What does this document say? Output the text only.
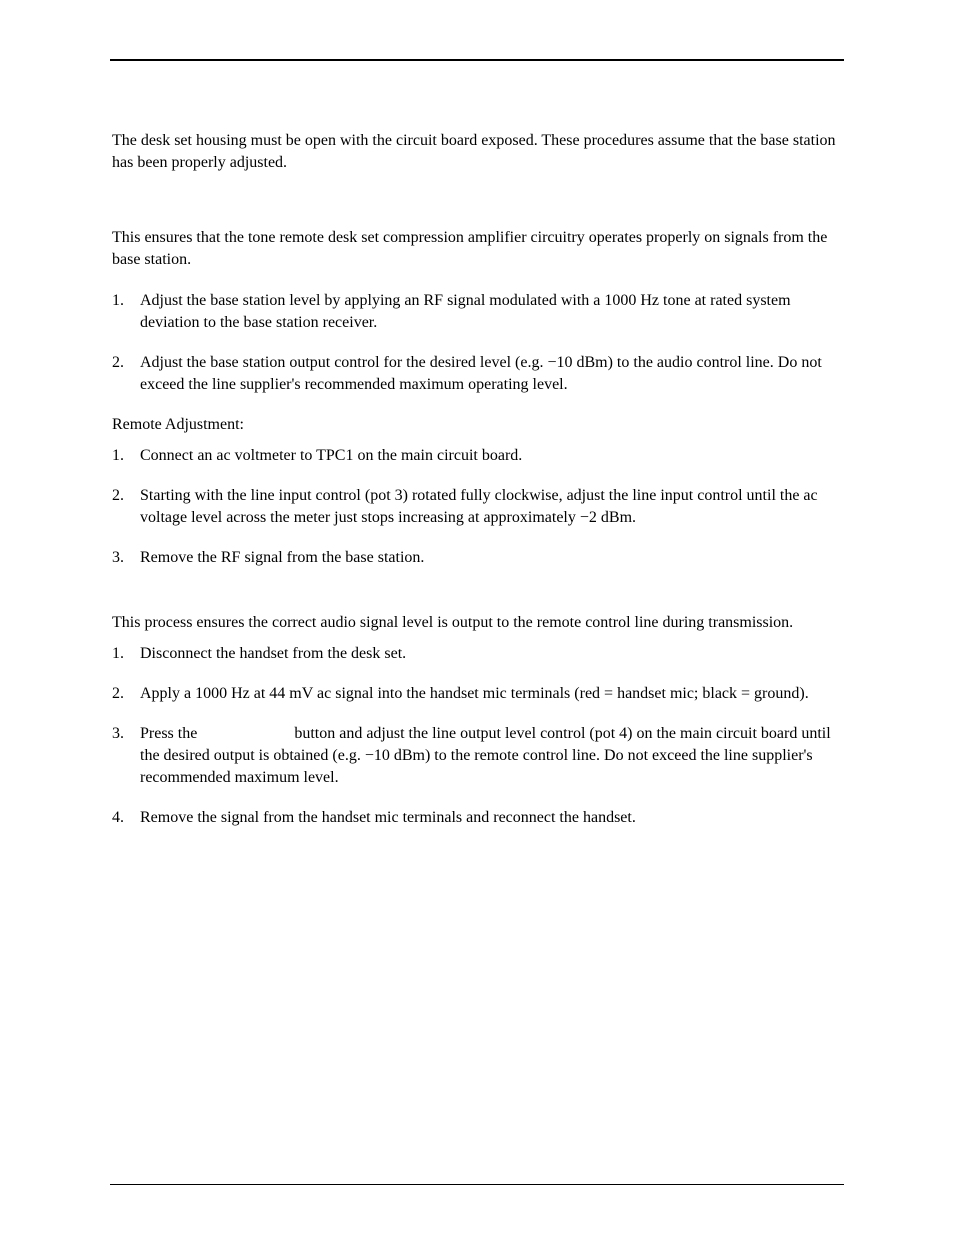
The desk set housing must be open with the circuit board exposed. These procedures assume that the base station has been properly adjusted.

This ensures that the tone remote desk set compression amplifier circuitry operates properly on signals from the base station.

1. Adjust the base station level by applying an RF signal modulated with a 1000 Hz tone at rated system deviation to the base station receiver.
2. Adjust the base station output control for the desired level (e.g. −10 dBm) to the audio control line. Do not exceed the line supplier's recommended maximum operating level.

Remote Adjustment:

1. Connect an ac voltmeter to TPC1 on the main circuit board.
2. Starting with the line input control (pot 3) rotated fully clockwise, adjust the line input control until the ac voltage level across the meter just stops increasing at approximately −2 dBm.
3. Remove the RF signal from the base station.

This process ensures the correct audio signal level is output to the remote control line during transmission.

1. Disconnect the handset from the desk set.
2. Apply a 1000 Hz at 44 mV ac signal into the handset mic terminals (red = handset mic; black = ground).
3. Press the	button and adjust the line output level control (pot 4) on the main circuit board until the desired output is obtained (e.g. −10 dBm) to the remote control line. Do not exceed the line supplier's recommended maximum level.
4. Remove the signal from the handset mic terminals and reconnect the handset.
